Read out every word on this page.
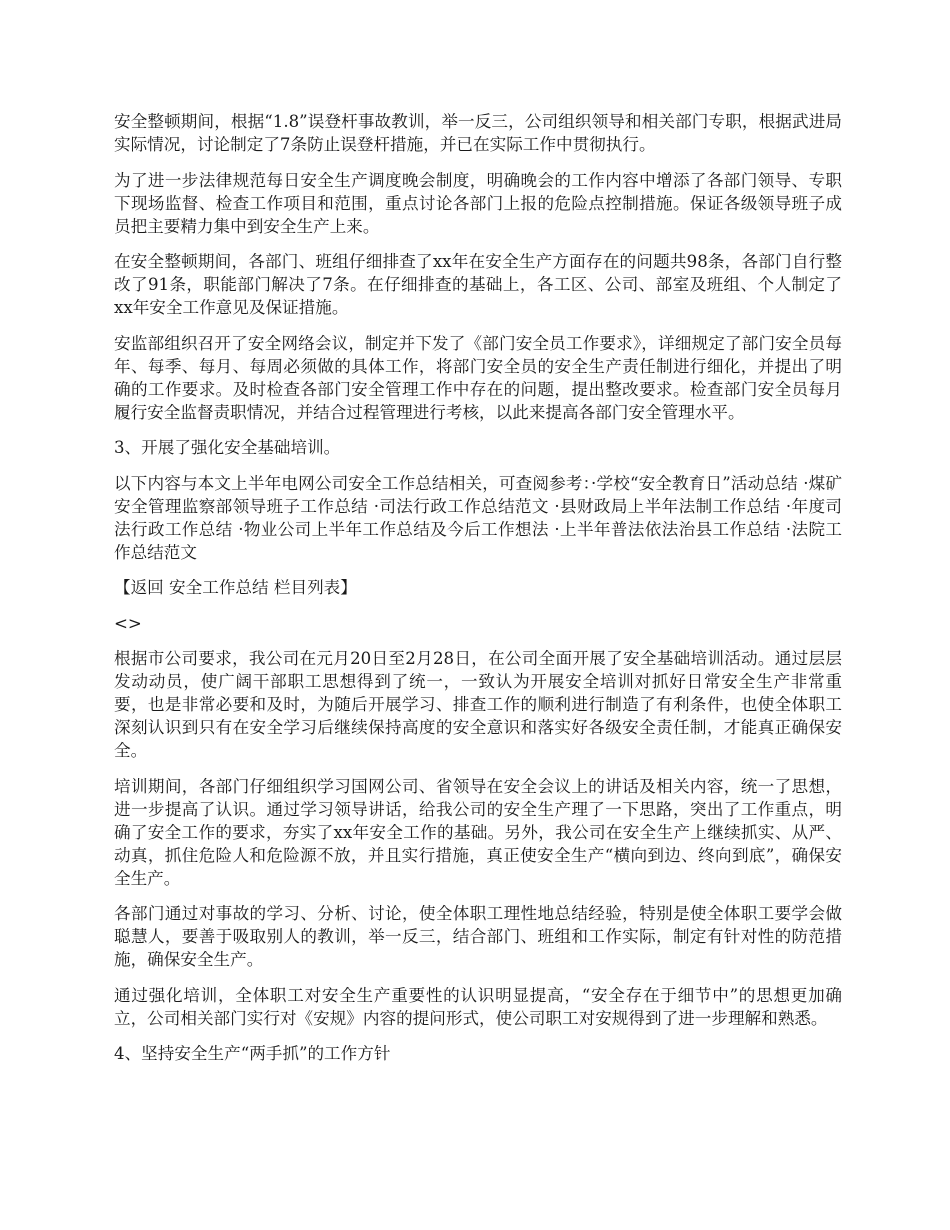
安全整顿期间，根据“1.8”误登杆事故教训，举一反三，公司组织领导和相关部门专职，根据武进局实际情况，讨论制定了7条防止误登杆措施，并已在实际工作中贯彻执行。

为了进一步法律规范每日安全生产调度晚会制度，明确晚会的工作内容中增添了各部门领导、专职下现场监督、检查工作项目和范围，重点讨论各部门上报的危险点控制措施。保证各级领导班子成员把主要精力集中到安全生产上来。

在安全整顿期间，各部门、班组仔细排查了xx年在安全生产方面存在的问题共98条，各部门自行整改了91条，职能部门解决了7条。在仔细排查的基础上，各工区、公司、部室及班组、个人制定了xx年安全工作意见及保证措施。

安监部组织召开了安全网络会议，制定并下发了《部门安全员工作要求》，详细规定了部门安全员每年、每季、每月、每周必须做的具体工作，将部门安全员的安全生产责任制进行细化，并提出了明确的工作要求。及时检查各部门安全管理工作中存在的问题，提出整改要求。检查部门安全员每月履行安全监督责职情况，并结合过程管理进行考核，以此来提高各部门安全管理水平。

3、开展了强化安全基础培训。

以下内容与本文上半年电网公司安全工作总结相关，可查阅参考：·学校“安全教育日”活动总结 ·煤矿安全管理监察部领导班子工作总结 ·司法行政工作总结范文 ·县财政局上半年法制工作总结 ·年度司法行政工作总结 ·物业公司上半年工作总结及今后工作想法 ·上半年普法依法治县工作总结 ·法院工作总结范文

【返回 安全工作总结 栏目列表】

<>

根据市公司要求，我公司在元月20日至2月28日，在公司全面开展了安全基础培训活动。通过层层发动动员，使广阔干部职工思想得到了统一，一致认为开展安全培训对抓好日常安全生产非常重要，也是非常必要和及时，为随后开展学习、排查工作的顺利进行制造了有利条件，也使全体职工深刻认识到只有在安全学习后继续保持高度的安全意识和落实好各级安全责任制，才能真正确保安全。

培训期间，各部门仔细组织学习国网公司、省领导在安全会议上的讲话及相关内容，统一了思想，进一步提高了认识。通过学习领导讲话，给我公司的安全生产理了一下思路，突出了工作重点，明确了安全工作的要求，夯实了xx年安全工作的基础。另外，我公司在安全生产上继续抓实、从严、动真，抓住危险人和危险源不放，并且实行措施，真正使安全生产“横向到边、终向到底”，确保安全生产。

各部门通过对事故的学习、分析、讨论，使全体职工理性地总结经验，特别是使全体职工要学会做聪慧人，要善于吸取别人的教训，举一反三，结合部门、班组和工作实际，制定有针对性的防范措施，确保安全生产。

通过强化培训，全体职工对安全生产重要性的认识明显提高，“安全存在于细节中”的思想更加确立，公司相关部门实行对《安规》内容的提问形式，使公司职工对安规得到了进一步理解和熟悉。

4、坚持安全生产“两手抓”的工作方针
